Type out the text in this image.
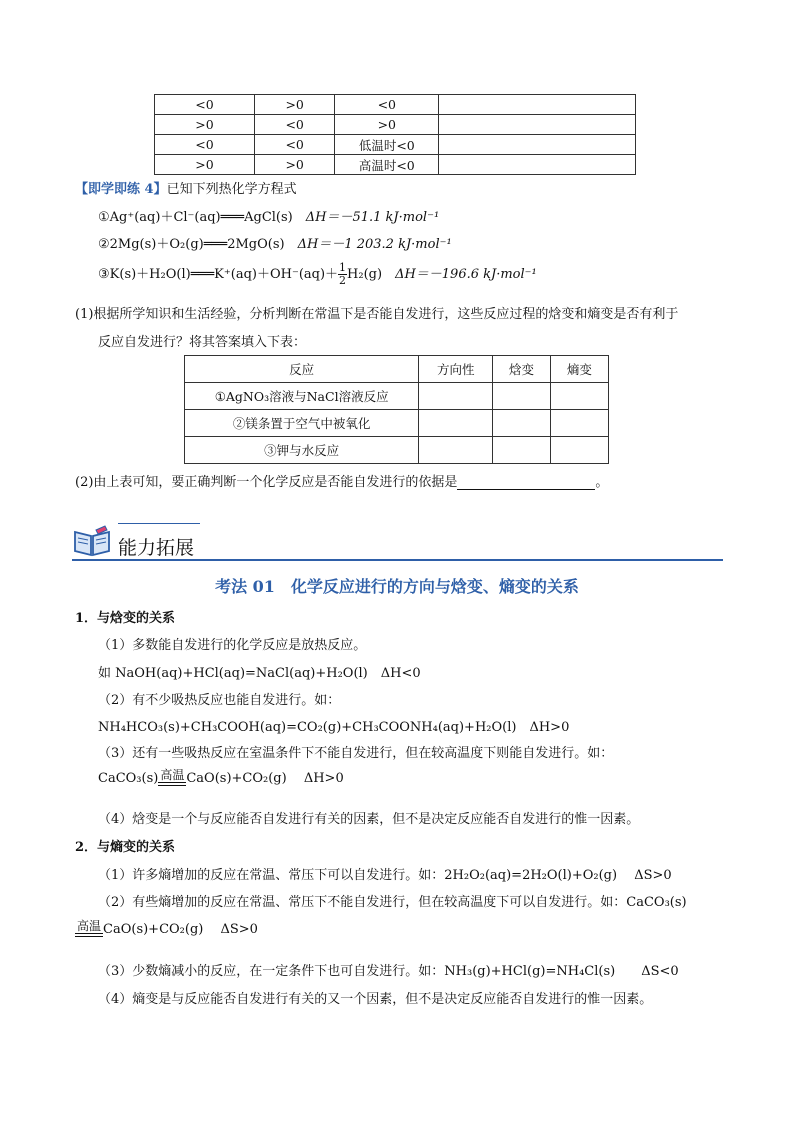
<0	>0	<0	
>0	<0	>0	
<0	<0	低温时<0	
>0	>0	高温时<0	
【即学即练 4】已知下列热化学方程式
①Ag⁺(aq)＋Cl⁻(aq)═══AgCl(s)　 ΔH＝－51.1 kJ·mol⁻¹
②2Mg(s)＋O₂(g)═══2MgO(s)　 ΔH＝－1 203.2 kJ·mol⁻¹
③K(s)＋H₂O(l)═══K⁺(aq)＋OH⁻(aq)＋ $\frac{1}{2} H_2(g)$　 ΔH＝－196.6 kJ·mol⁻¹
(1)根据所学知识和生活经验，分析判断在常温下是否能自发进行，这些反应过程的焓变和熵变是否有利于
反应自发进行？将其答案填入下表：
反应	方向性	焓变	熵变
①AgNO₃溶液与NaCl溶液反应			
②镁条置于空气中被氧化			
③钾与水反应			
(2)由上表可知，要正确判断一个化学反应是否能自发进行的依据是	。
能力拓展
考法 01　化学反应进行的方向与焓变、熵变的关系
1．与焓变的关系
（1）多数能自发进行的化学反应是放热反应。
如 NaOH(aq)+HCl(aq)=NaCl(aq)+H₂O(l)　ΔH<0
（2）有不少吸热反应也能自发进行。如：
NH₄HCO₃(s)+CH₃COOH(aq)=CO₂(g)+CH₃COONH₄(aq)+H₂O(l)　ΔH>0
（3）还有一些吸热反应在室温条件下不能自发进行，但在较高温度下则能自发进行。如：
CaCO₃(s) 高温 CaO(s)+CO₂(g)　 ΔH>0
（4）焓变是一个与反应能否自发进行有关的因素，但不是决定反应能否自发进行的惟一因素。
2．与熵变的关系
（1）许多熵增加的反应在常温、常压下可以自发进行。如：2H₂O₂(aq)=2H₂O(l)+O₂(g)　 ΔS>0
（2）有些熵增加的反应在常温、常压下不能自发进行，但在较高温度下可以自发进行。如：CaCO₃(s)
高温 CaO(s)+CO₂(g)　 ΔS>0
（3）少数熵减小的反应，在一定条件下也可自发进行。如：NH₃(g)+HCl(g)=NH₄Cl(s)　　ΔS<0
（4）熵变是与反应能否自发进行有关的又一个因素，但不是决定反应能否自发进行的惟一因素。
